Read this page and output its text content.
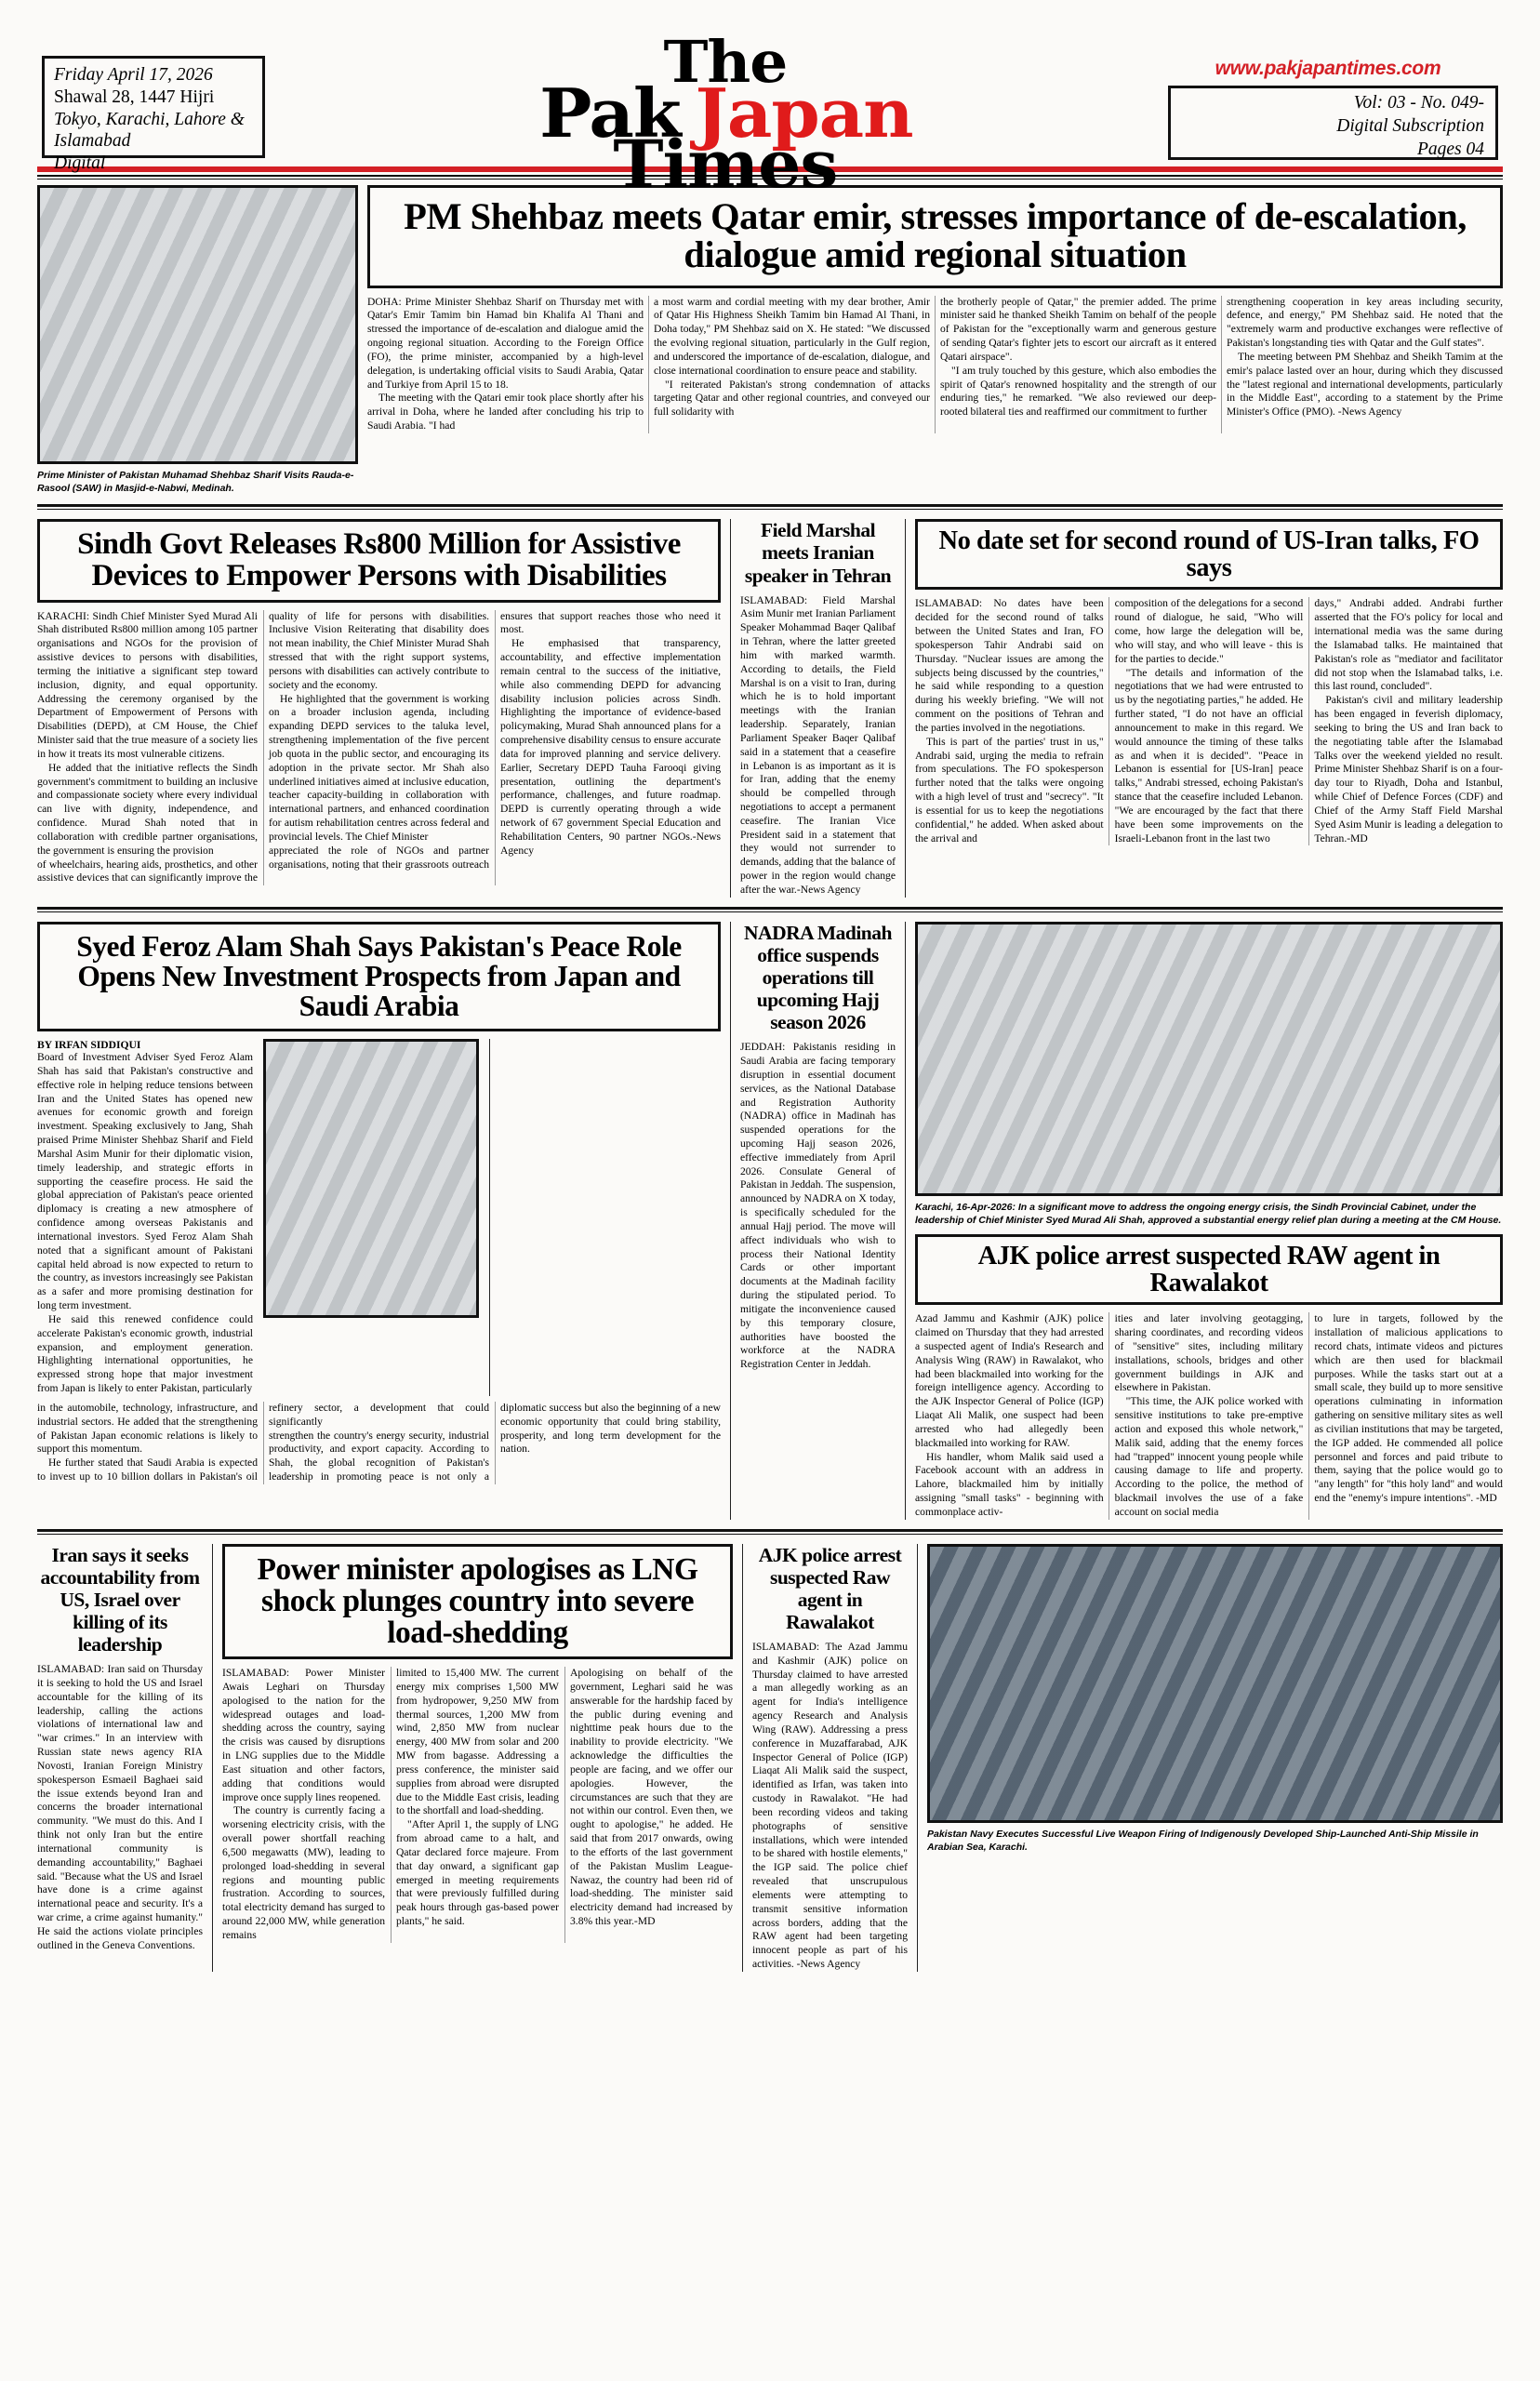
Friday April 17, 2026
Shawal 28, 1447 Hijri
Tokyo, Karachi, Lahore &
Islamabad
Digital
The
Pak Japan
Times
www.pakjapantimes.com
Vol: 03 - No. 049-
Digital Subscription
Pages 04
Prime Minister of Pakistan Muhamad Shehbaz Sharif Visits Rauda-e-Rasool (SAW) in Masjid-e-Nabwi, Medinah.
PM Shehbaz meets Qatar emir, stresses importance of de-escalation, dialogue amid regional situation

DOHA: Prime Minister Shehbaz Sharif on Thursday met with Qatar's Emir Tamim bin Hamad bin Khalifa Al Thani and stressed the importance of de-escalation and dialogue amid the ongoing regional situation. According to the Foreign Office (FO), the prime minister, accompanied by a high-level delegation, is undertaking official visits to Saudi Arabia, Qatar and Turkiye from April 15 to 18.

The meeting with the Qatari emir took place shortly after his arrival in Doha, where he landed after concluding his trip to Saudi Arabia. "I had

a most warm and cordial meeting with my dear brother, Amir of Qatar His Highness Sheikh Tamim bin Hamad Al Thani, in Doha today," PM Shehbaz said on X. He stated: "We discussed the evolving regional situation, particularly in the Gulf region, and underscored the importance of de-escalation, dialogue, and close international coordination to ensure peace and stability.

"I reiterated Pakistan's strong condemnation of attacks targeting Qatar and other regional countries, and conveyed our full solidarity with

the brotherly people of Qatar," the premier added. The prime minister said he thanked Sheikh Tamim on behalf of the people of Pakistan for the "exceptionally warm and generous gesture of sending Qatar's fighter jets to escort our aircraft as it entered Qatari airspace".

"I am truly touched by this gesture, which also embodies the spirit of Qatar's renowned hospitality and the strength of our enduring ties," he remarked. "We also reviewed our deep-rooted bilateral ties and reaffirmed our commitment to further

strengthening cooperation in key areas including security, defence, and energy," PM Shehbaz said. He noted that the "extremely warm and productive exchanges were reflective of Pakistan's longstanding ties with Qatar and the Gulf states".

The meeting between PM Shehbaz and Sheikh Tamim at the emir's palace lasted over an hour, during which they discussed the "latest regional and international developments, particularly in the Middle East", according to a statement by the Prime Minister's Office (PMO). -News Agency

Sindh Govt Releases Rs800 Million for Assistive Devices to Empower Persons with Disabilities

KARACHI: Sindh Chief Minister Syed Murad Ali Shah distributed Rs800 million among 105 partner organisations and NGOs for the provision of assistive devices to persons with disabilities, terming the initiative a significant step toward inclusion, dignity, and equal opportunity. Addressing the ceremony organised by the Department of Empowerment of Persons with Disabilities (DEPD), at CM House, the Chief Minister said that the true measure of a society lies in how it treats its most vulnerable citizens.

He added that the initiative reflects the Sindh government's commitment to building an inclusive and compassionate society where every individual can live with dignity, independence, and confidence. Murad Shah noted that in collaboration with credible partner organisations, the government is ensuring the provision

of wheelchairs, hearing aids, prosthetics, and other assistive devices that can significantly improve the quality of life for persons with disabilities. Inclusive Vision Reiterating that disability does not mean inability, the Chief Minister Murad Shah stressed that with the right support systems, persons with disabilities can actively contribute to society and the economy.

He highlighted that the government is working on a broader inclusion agenda, including expanding DEPD services to the taluka level, strengthening implementation of the five percent job quota in the public sector, and encouraging its adoption in the private sector. Mr Shah also underlined initiatives aimed at inclusive education, teacher capacity-building in collaboration with international partners, and enhanced coordination for autism rehabilitation centres across federal and provincial levels. The Chief Minister

appreciated the role of NGOs and partner organisations, noting that their grassroots outreach ensures that support reaches those who need it most.

He emphasised that transparency, accountability, and effective implementation remain central to the success of the initiative, while also commending DEPD for advancing disability inclusion policies across Sindh. Highlighting the importance of evidence-based policymaking, Murad Shah announced plans for a comprehensive disability census to ensure accurate data for improved planning and service delivery. Earlier, Secretary DEPD Tauha Farooqi giving presentation, outlining the department's performance, challenges, and future roadmap. DEPD is currently operating through a wide network of 67 government Special Education and Rehabilitation Centers, 90 partner NGOs.-News Agency

Field Marshal meets Iranian speaker in Tehran
ISLAMABAD: Field Marshal Asim Munir met Iranian Parliament Speaker Mohammad Baqer Qalibaf in Tehran, where the latter greeted him with marked warmth. According to details, the Field Marshal is on a visit to Iran, during which he is to hold important meetings with the Iranian leadership. Separately, Iranian Parliament Speaker Baqer Qalibaf said in a statement that a ceasefire in Lebanon is as important as it is for Iran, adding that the enemy should be compelled through negotiations to accept a permanent ceasefire. The Iranian Vice President said in a statement that they would not surrender to demands, adding that the balance of power in the region would change after the war.-News Agency
No date set for second round of US-Iran talks, FO says

ISLAMABAD: No dates have been decided for the second round of talks between the United States and Iran, FO spokesperson Tahir Andrabi said on Thursday. "Nuclear issues are among the subjects being discussed by the countries," he said while responding to a question during his weekly briefing. "We will not comment on the positions of Tehran and the parties involved in the negotiations.

This is part of the parties' trust in us," Andrabi said, urging the media to refrain from speculations. The FO spokesperson further noted that the talks were ongoing with a high level of trust and "secrecy". "It is essential for us to keep the negotiations confidential," he added. When asked about the arrival and

composition of the delegations for a second round of dialogue, he said, "Who will come, how large the delegation will be, who will stay, and who will leave - this is for the parties to decide."

"The details and information of the negotiations that we had were entrusted to us by the negotiating parties," he added. He further stated, "I do not have an official announcement to make in this regard. We would announce the timing of these talks as and when it is decided". "Peace in Lebanon is essential for [US-Iran] peace talks," Andrabi stressed, echoing Pakistan's stance that the ceasefire included Lebanon. "We are encouraged by the fact that there have been some improvements on the Israeli-Lebanon front in the last two

days," Andrabi added. Andrabi further asserted that the FO's policy for local and international media was the same during the Islamabad talks. He maintained that Pakistan's role as "mediator and facilitator did not stop when the Islamabad talks, i.e. this last round, concluded".

Pakistan's civil and military leadership has been engaged in feverish diplomacy, seeking to bring the US and Iran back to the negotiating table after the Islamabad Talks over the weekend yielded no result. Prime Minister Shehbaz Sharif is on a four-day tour to Riyadh, Doha and Istanbul, while Chief of Defence Forces (CDF) and Chief of the Army Staff Field Marshal Syed Asim Munir is leading a delegation to Tehran.-MD

Syed Feroz Alam Shah Says Pakistan's Peace Role Opens New Investment Prospects from Japan and Saudi Arabia
BY IRFAN SIDDIQUI
Board of Investment Adviser Syed Feroz Alam Shah has said that Pakistan's constructive and effective role in helping reduce tensions between Iran and the United States has opened new avenues for economic growth and foreign investment. Speaking exclusively to Jang, Shah praised Prime Minister Shehbaz Sharif and Field Marshal Asim Munir for their diplomatic vision, timely leadership, and strategic efforts in supporting the ceasefire process. He said the global appreciation of Pakistan's peace oriented diplomacy is creating a new atmosphere of confidence among overseas Pakistanis and international investors. Syed Feroz Alam Shah noted that a significant amount of Pakistani capital held abroad is now expected to return to the country, as investors increasingly see Pakistan as a safer and more promising destination for long term investment.
He said this renewed confidence could accelerate Pakistan's economic growth, industrial expansion, and employment generation. Highlighting international opportunities, he expressed strong hope that major investment from Japan is likely to enter Pakistan, particularly

in the automobile, technology, infrastructure, and industrial sectors. He added that the strengthening of Pakistan Japan economic relations is likely to support this momentum.

He further stated that Saudi Arabia is expected to invest up to 10 billion dollars in Pakistan's oil refinery sector, a development that could significantly

strengthen the country's energy security, industrial productivity, and export capacity. According to Shah, the global recognition of Pakistan's leadership in promoting peace is not only a diplomatic success but also the beginning of a new economic opportunity that could bring stability, prosperity, and long term development for the nation.

NADRA Madinah office suspends operations till upcoming Hajj season 2026
JEDDAH: Pakistanis residing in Saudi Arabia are facing temporary disruption in essential document services, as the National Database and Registration Authority (NADRA) office in Madinah has suspended operations for the upcoming Hajj season 2026, effective immediately from April 2026. Consulate General of Pakistan in Jeddah. The suspension, announced by NADRA on X today, is specifically scheduled for the annual Hajj period. The move will affect individuals who wish to process their National Identity Cards or other important documents at the Madinah facility during the stipulated period. To mitigate the inconvenience caused by this temporary closure, authorities have boosted the workforce at the NADRA Registration Center in Jeddah.
Karachi, 16-Apr-2026: In a significant move to address the ongoing energy crisis, the Sindh Provincial Cabinet, under the leadership of Chief Minister Syed Murad Ali Shah, approved a substantial energy relief plan during a meeting at the CM House.
AJK police arrest suspected RAW agent in Rawalakot

Azad Jammu and Kashmir (AJK) police claimed on Thursday that they had arrested a suspected agent of India's Research and Analysis Wing (RAW) in Rawalakot, who had been blackmailed into working for the foreign intelligence agency. According to the AJK Inspector General of Police (IGP) Liaqat Ali Malik, one suspect had been arrested who had allegedly been blackmailed into working for RAW.

His handler, whom Malik said used a Facebook account with an address in Lahore, blackmailed him by initially assigning "small tasks" - beginning with commonplace activ-

ities and later involving geotagging, sharing coordinates, and recording videos of "sensitive" sites, including military installations, schools, bridges and other government buildings in AJK and elsewhere in Pakistan.

"This time, the AJK police worked with sensitive institutions to take pre-emptive action and exposed this whole network," Malik said, adding that the enemy forces had "trapped" innocent young people while causing damage to life and property. According to the police, the method of blackmail involves the use of a fake account on social media

to lure in targets, followed by the installation of malicious applications to record chats, intimate videos and pictures which are then used for blackmail purposes. While the tasks start out at a small scale, they build up to more sensitive operations culminating in information gathering on sensitive military sites as well as civilian institutions that may be targeted, the IGP added. He commended all police personnel and forces and paid tribute to them, saying that the police would go to "any length" for "this holy land" and would end the "enemy's impure intentions". -MD

Iran says it seeks accountability from US, Israel over killing of its leadership
ISLAMABAD: Iran said on Thursday it is seeking to hold the US and Israel accountable for the killing of its leadership, calling the actions violations of international law and "war crimes." In an interview with Russian state news agency RIA Novosti, Iranian Foreign Ministry spokesperson Esmaeil Baghaei said the issue extends beyond Iran and concerns the broader international community. "We must do this. And I think not only Iran but the entire international community is demanding accountability," Baghaei said. "Because what the US and Israel have done is a crime against international peace and security. It's a war crime, a crime against humanity." He said the actions violate principles outlined in the Geneva Conventions.
Power minister apologises as LNG shock plunges country into severe load-shedding

ISLAMABAD: Power Minister Awais Leghari on Thursday apologised to the nation for the widespread outages and load-shedding across the country, saying the crisis was caused by disruptions in LNG supplies due to the Middle East situation and other factors, adding that conditions would improve once supply lines reopened.

The country is currently facing a worsening electricity crisis, with the overall power shortfall reaching 6,500 megawatts (MW), leading to prolonged load-shedding in several regions and mounting public frustration. According to sources, total electricity demand has surged to around 22,000 MW, while generation remains

limited to 15,400 MW. The current energy mix comprises 1,500 MW from hydropower, 9,250 MW from thermal sources, 1,200 MW from wind, 2,850 MW from nuclear energy, 400 MW from solar and 200 MW from bagasse. Addressing a press conference, the minister said supplies from abroad were disrupted due to the Middle East crisis, leading to the shortfall and load-shedding.

"After April 1, the supply of LNG from abroad came to a halt, and Qatar declared force majeure. From that day onward, a significant gap emerged in meeting requirements that were previously fulfilled during peak hours through gas-based power plants," he said.

Apologising on behalf of the government, Leghari said he was answerable for the hardship faced by the public during evening and nighttime peak hours due to the inability to provide electricity. "We acknowledge the difficulties the people are facing, and we offer our apologies. However, the circumstances are such that they are not within our control. Even then, we ought to apologise," he added. He said that from 2017 onwards, owing to the efforts of the last government of the Pakistan Muslim League-Nawaz, the country had been rid of load-shedding. The minister said electricity demand had increased by 3.8% this year.-MD

AJK police arrest suspected Raw agent in Rawalakot
ISLAMABAD: The Azad Jammu and Kashmir (AJK) police on Thursday claimed to have arrested a man allegedly working as an agent for India's intelligence agency Research and Analysis Wing (RAW). Addressing a press conference in Muzaffarabad, AJK Inspector General of Police (IGP) Liaqat Ali Malik said the suspect, identified as Irfan, was taken into custody in Rawalakot. "He had been recording videos and taking photographs of sensitive installations, which were intended to be shared with hostile elements," the IGP said. The police chief revealed that unscrupulous elements were attempting to transmit sensitive information across borders, adding that the RAW agent had been targeting innocent people as part of his activities. -News Agency
Pakistan Navy Executes Successful Live Weapon Firing of Indigenously Developed Ship-Launched Anti-Ship Missile in Arabian Sea, Karachi.
